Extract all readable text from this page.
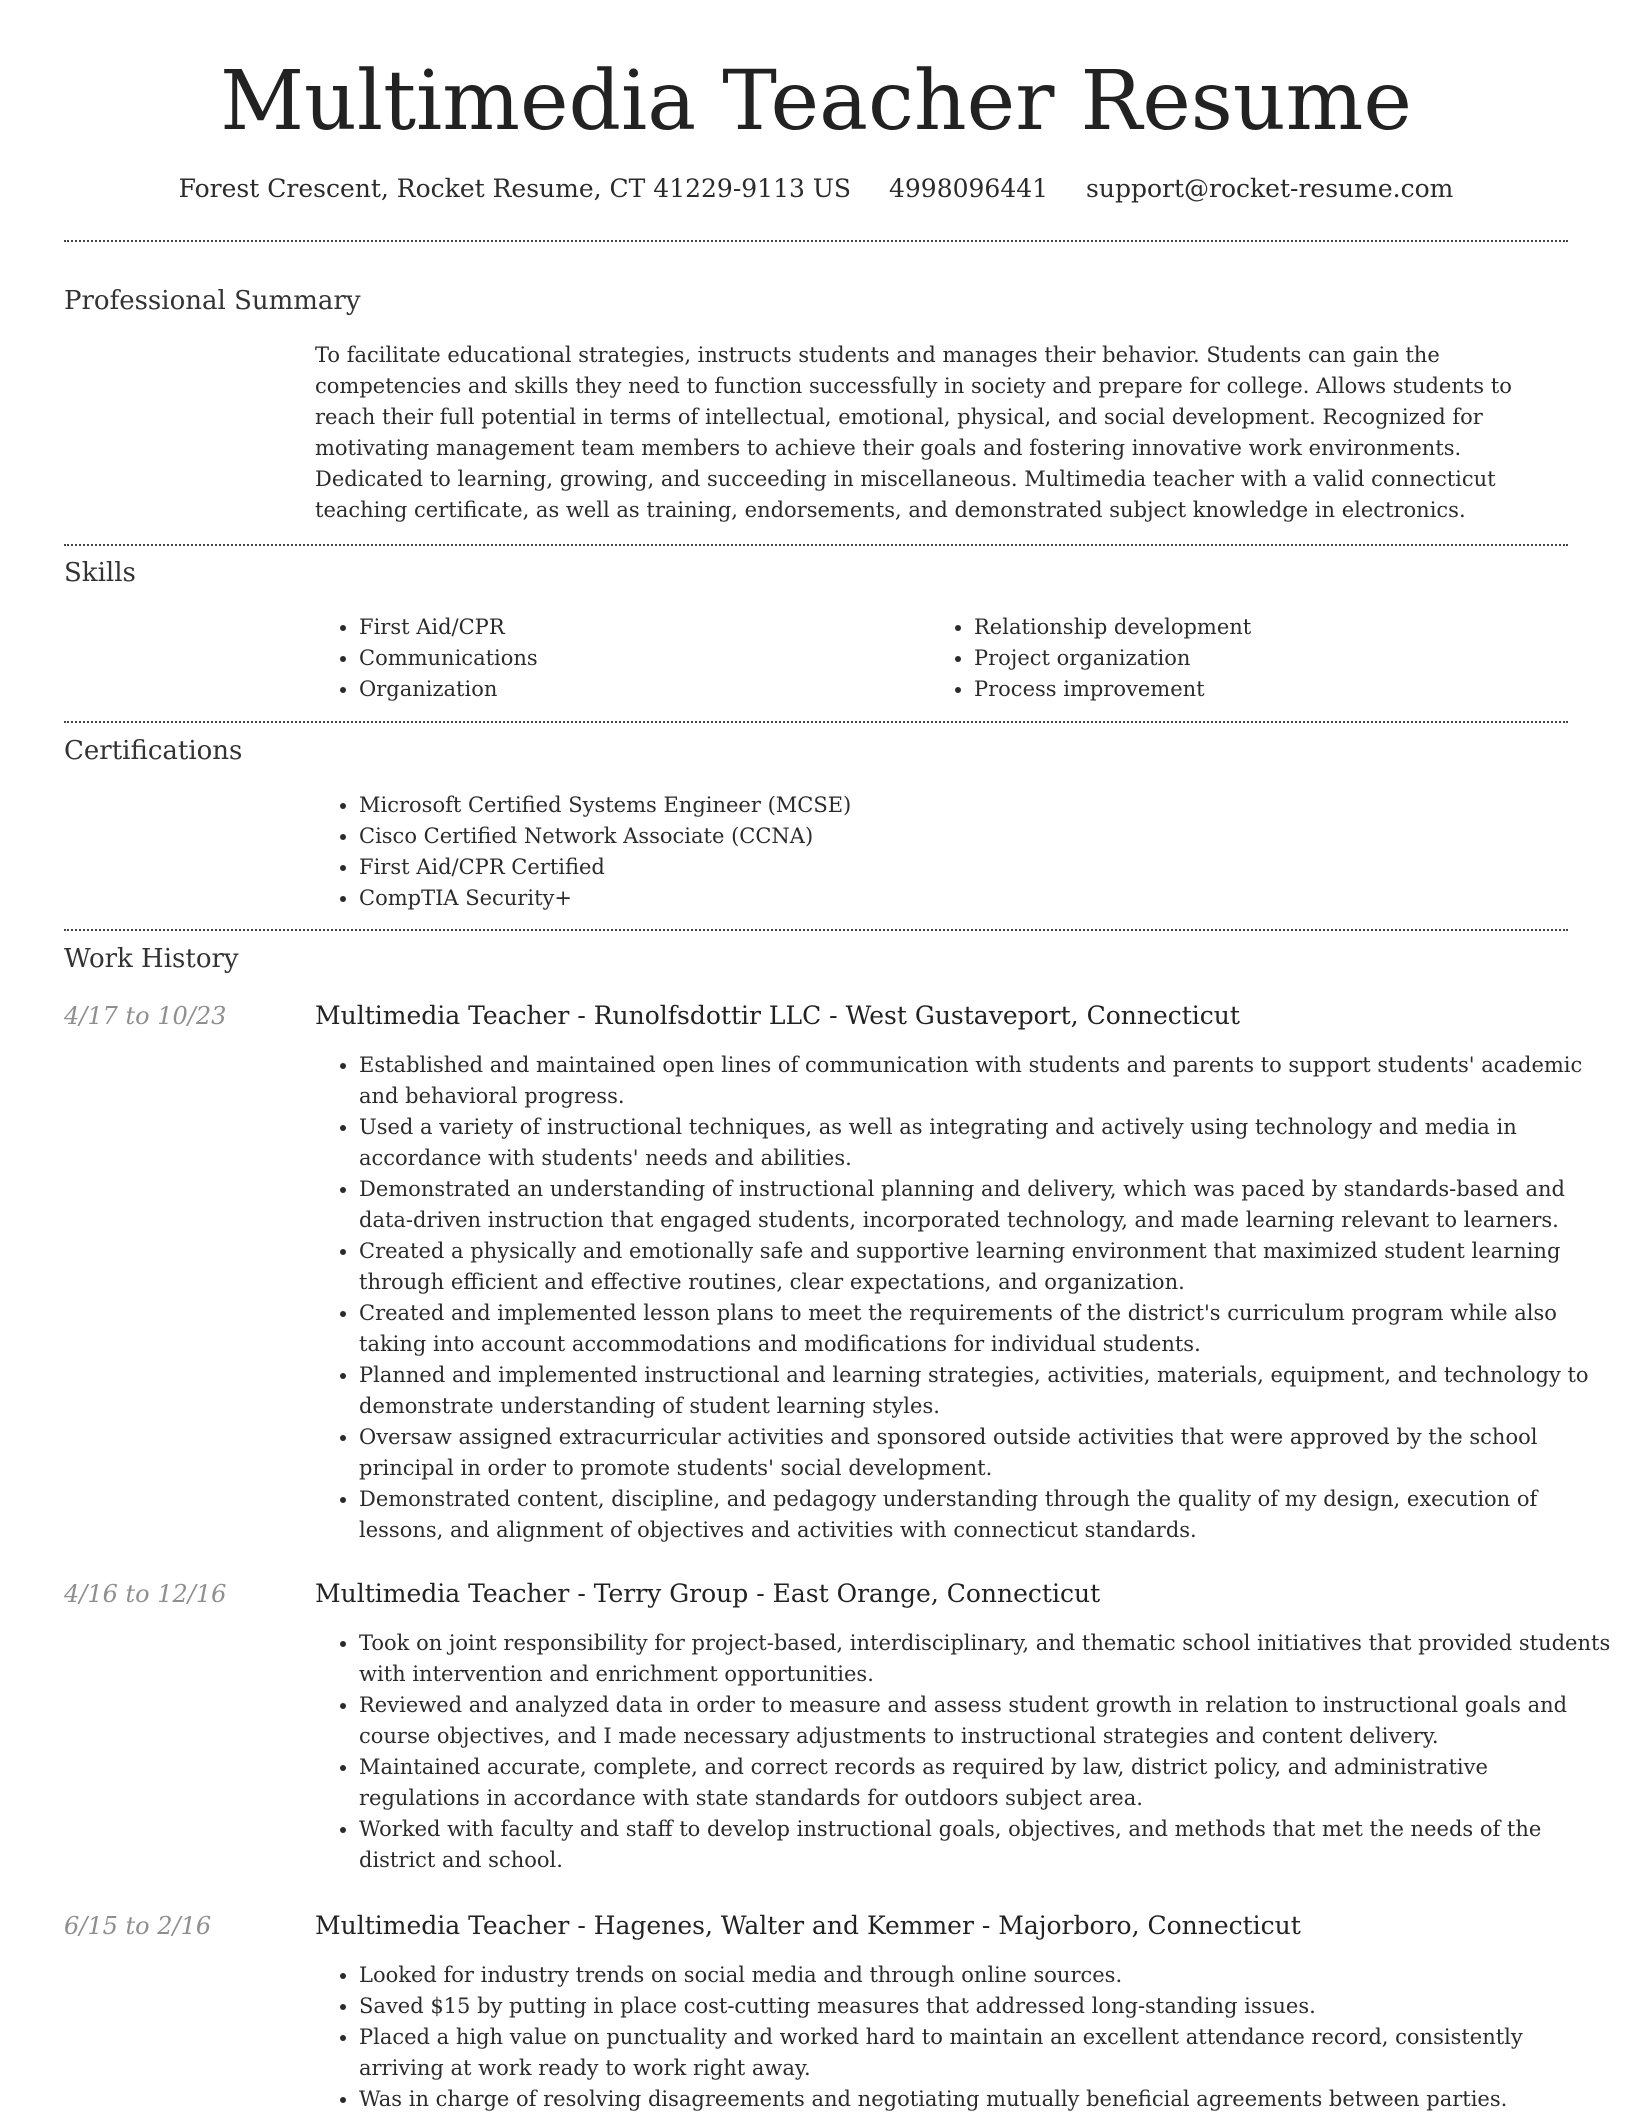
Multimedia Teacher Resume
Forest Crescent, Rocket Resume, CT 41229-9113 US 4998096441 support@rocket-resume.com
Professional Summary
To facilitate educational strategies, instructs students and manages their behavior. Students can gain the competencies and skills they need to function successfully in society and prepare for college. Allows students to reach their full potential in terms of intellectual, emotional, physical, and social development. Recognized for motivating management team members to achieve their goals and fostering innovative work environments. Dedicated to learning, growing, and succeeding in miscellaneous. Multimedia teacher with a valid connecticut teaching certificate, as well as training, endorsements, and demonstrated subject knowledge in electronics.
Skills
• First Aid/CPR
• Communications
• Organization
• Relationship development
• Project organization
• Process improvement
Certifications
• Microsoft Certified Systems Engineer (MCSE)
• Cisco Certified Network Associate (CCNA)
• First Aid/CPR Certified
• CompTIA Security+
Work History
4/17 to 10/23	Multimedia Teacher - Runolfsdottir LLC - West Gustaveport, Connecticut
• Established and maintained open lines of communication with students and parents to support students' academic and behavioral progress.
• Used a variety of instructional techniques, as well as integrating and actively using technology and media in accordance with students' needs and abilities.
• Demonstrated an understanding of instructional planning and delivery, which was paced by standards-based and data-driven instruction that engaged students, incorporated technology, and made learning relevant to learners.
• Created a physically and emotionally safe and supportive learning environment that maximized student learning through efficient and effective routines, clear expectations, and organization.
• Created and implemented lesson plans to meet the requirements of the district's curriculum program while also taking into account accommodations and modifications for individual students.
• Planned and implemented instructional and learning strategies, activities, materials, equipment, and technology to demonstrate understanding of student learning styles.
• Oversaw assigned extracurricular activities and sponsored outside activities that were approved by the school principal in order to promote students' social development.
• Demonstrated content, discipline, and pedagogy understanding through the quality of my design, execution of lessons, and alignment of objectives and activities with connecticut standards.
4/16 to 12/16	Multimedia Teacher - Terry Group - East Orange, Connecticut
• Took on joint responsibility for project-based, interdisciplinary, and thematic school initiatives that provided students with intervention and enrichment opportunities.
• Reviewed and analyzed data in order to measure and assess student growth in relation to instructional goals and course objectives, and I made necessary adjustments to instructional strategies and content delivery.
• Maintained accurate, complete, and correct records as required by law, district policy, and administrative regulations in accordance with state standards for outdoors subject area.
• Worked with faculty and staff to develop instructional goals, objectives, and methods that met the needs of the district and school.
6/15 to 2/16	Multimedia Teacher - Hagenes, Walter and Kemmer - Majorboro, Connecticut
• Looked for industry trends on social media and through online sources.
• Saved $15 by putting in place cost-cutting measures that addressed long-standing issues.
• Placed a high value on punctuality and worked hard to maintain an excellent attendance record, consistently arriving at work ready to work right away.
• Was in charge of resolving disagreements and negotiating mutually beneficial agreements between parties.
